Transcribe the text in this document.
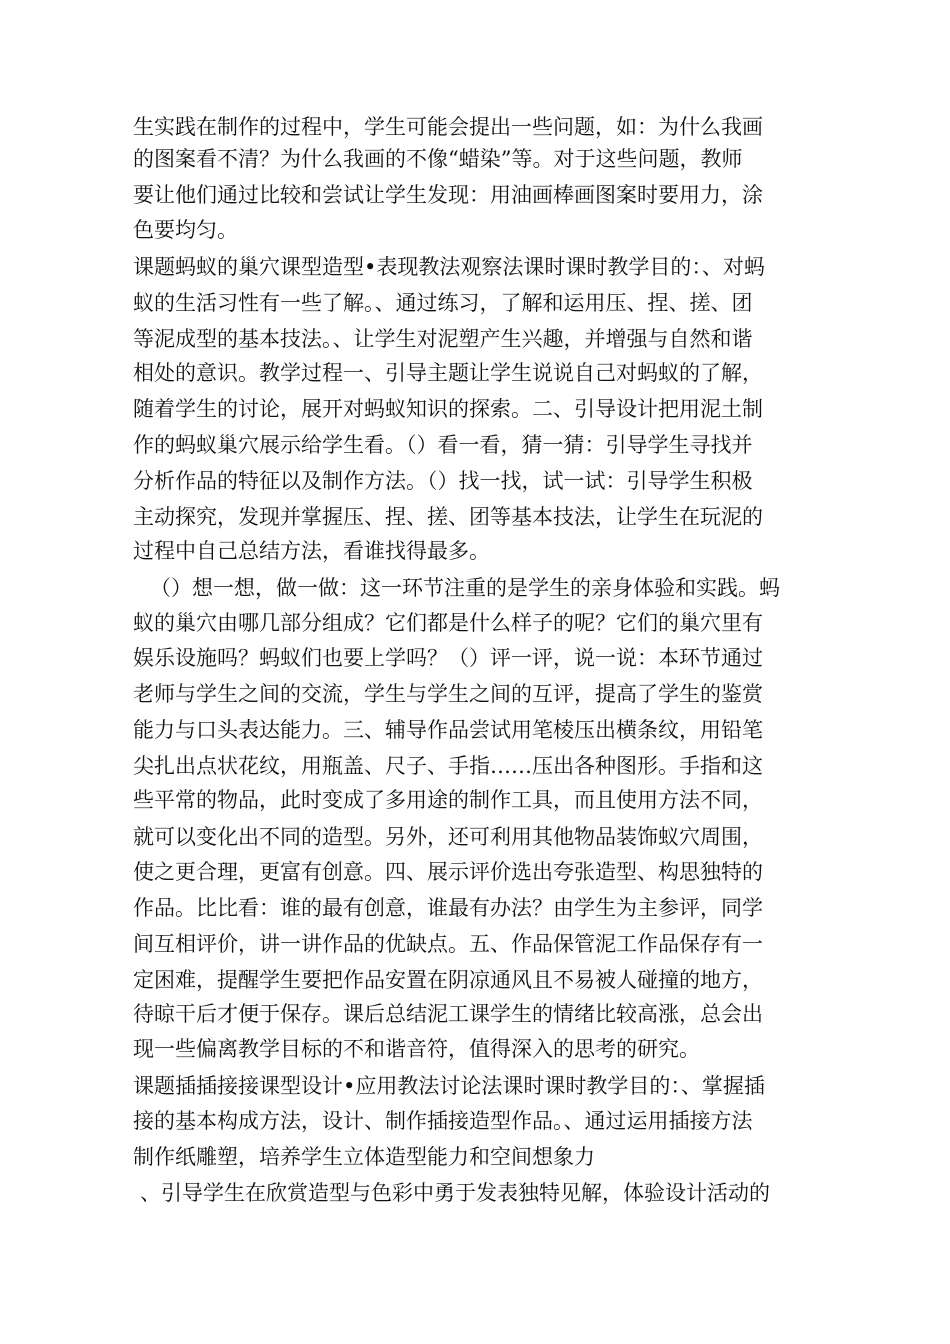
生实践在制作的过程中，学生可能会提出一些问题，如：为什么我画
的图案看不清？为什么我画的不像“蜡染”等。对于这些问题，教师
要让他们通过比较和尝试让学生发现：用油画棒画图案时要用力，涂
色要均匀。
课题蚂蚁的巢穴课型造型•表现教法观察法课时课时教学目的：、对蚂
蚁的生活习性有一些了解。、通过练习，了解和运用压、捏、搓、团
等泥成型的基本技法。、让学生对泥塑产生兴趣，并增强与自然和谐
相处的意识。教学过程一、引导主题让学生说说自己对蚂蚁的了解，
随着学生的讨论，展开对蚂蚁知识的探索。二、引导设计把用泥土制
作的蚂蚁巢穴展示给学生看。（）看一看，猜一猜：引导学生寻找并
分析作品的特征以及制作方法。（）找一找，试一试：引导学生积极
主动探究，发现并掌握压、捏、搓、团等基本技法，让学生在玩泥的
过程中自己总结方法，看谁找得最多。
（）想一想，做一做：这一环节注重的是学生的亲身体验和实践。蚂
蚁的巢穴由哪几部分组成？它们都是什么样子的呢？它们的巢穴里有
娱乐设施吗？蚂蚁们也要上学吗？（）评一评，说一说：本环节通过
老师与学生之间的交流，学生与学生之间的互评，提高了学生的鉴赏
能力与口头表达能力。三、辅导作品尝试用笔棱压出横条纹，用铅笔
尖扎出点状花纹，用瓶盖、尺子、手指……压出各种图形。手指和这
些平常的物品，此时变成了多用途的制作工具，而且使用方法不同，
就可以变化出不同的造型。另外，还可利用其他物品装饰蚁穴周围，
使之更合理，更富有创意。四、展示评价选出夸张造型、构思独特的
作品。比比看：谁的最有创意，谁最有办法？由学生为主参评，同学
间互相评价，讲一讲作品的优缺点。五、作品保管泥工作品保存有一
定困难，提醒学生要把作品安置在阴凉通风且不易被人碰撞的地方，
待晾干后才便于保存。课后总结泥工课学生的情绪比较高涨，总会出
现一些偏离教学目标的不和谐音符，值得深入的思考的研究。
课题插插接接课型设计•应用教法讨论法课时课时教学目的：、掌握插
接的基本构成方法，设计、制作插接造型作品。、通过运用插接方法
制作纸雕塑，培养学生立体造型能力和空间想象力
、引导学生在欣赏造型与色彩中勇于发表独特见解，体验设计活动的
